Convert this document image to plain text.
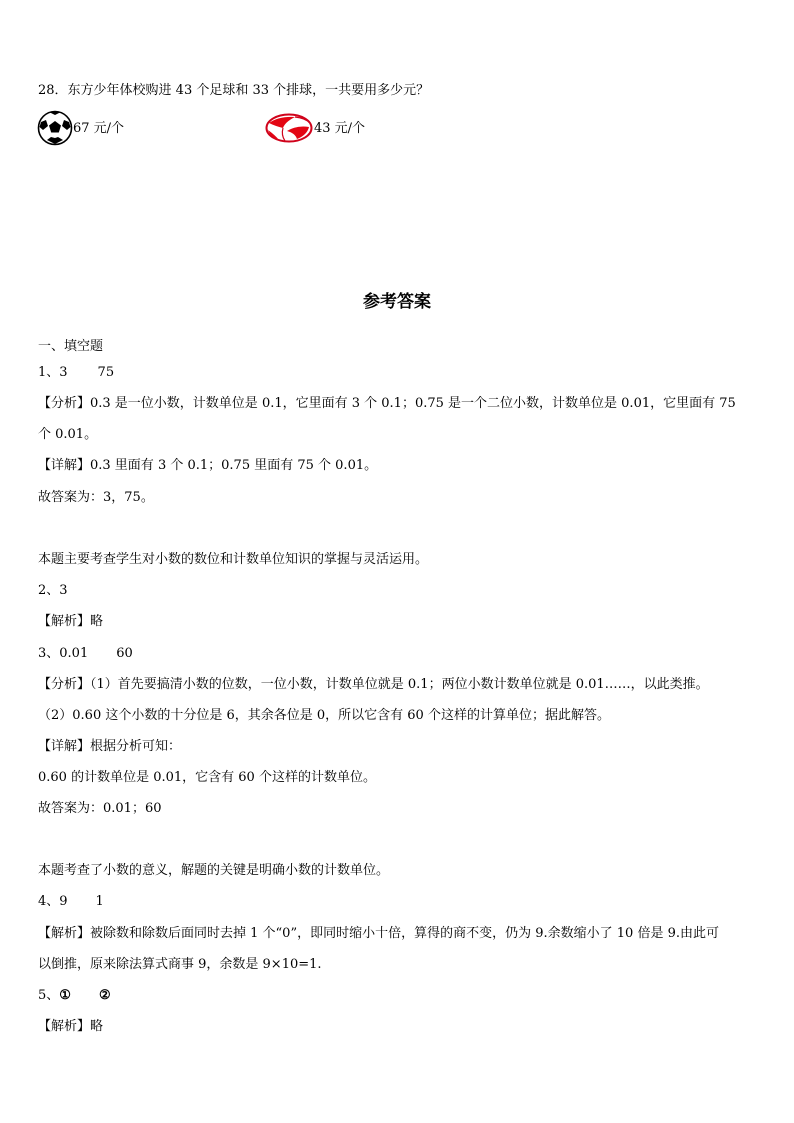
28．东方少年体校购进 43 个足球和 33 个排球，一共要用多少元？
67 元/个	43 元/个
参考答案
一、填空题
1、3 75
【分析】0.3 是一位小数，计数单位是 0.1，它里面有 3 个 0.1；0.75 是一个二位小数，计数单位是 0.01，它里面有 75
个 0.01。
【详解】0.3 里面有 3 个 0.1；0.75 里面有 75 个 0.01。
故答案为：3，75。
本题主要考查学生对小数的数位和计数单位知识的掌握与灵活运用。
2、3
【解析】略
3、0.01 60
【分析】（1）首先要搞清小数的位数，一位小数，计数单位就是 0.1；两位小数计数单位就是 0.01……，以此类推。
（2）0.60 这个小数的十分位是 6，其余各位是 0，所以它含有 60 个这样的计算单位；据此解答。
【详解】根据分析可知：
0.60 的计数单位是 0.01，它含有 60 个这样的计数单位。
故答案为：0.01；60
本题考查了小数的意义，解题的关键是明确小数的计数单位。
4、9 1
【解析】被除数和除数后面同时去掉 1 个“0”，即同时缩小十倍，算得的商不变，仍为 9.余数缩小了 10 倍是 9.由此可
以倒推，原来除法算式商事 9，余数是 9×10=1.
5、① ②
【解析】略
